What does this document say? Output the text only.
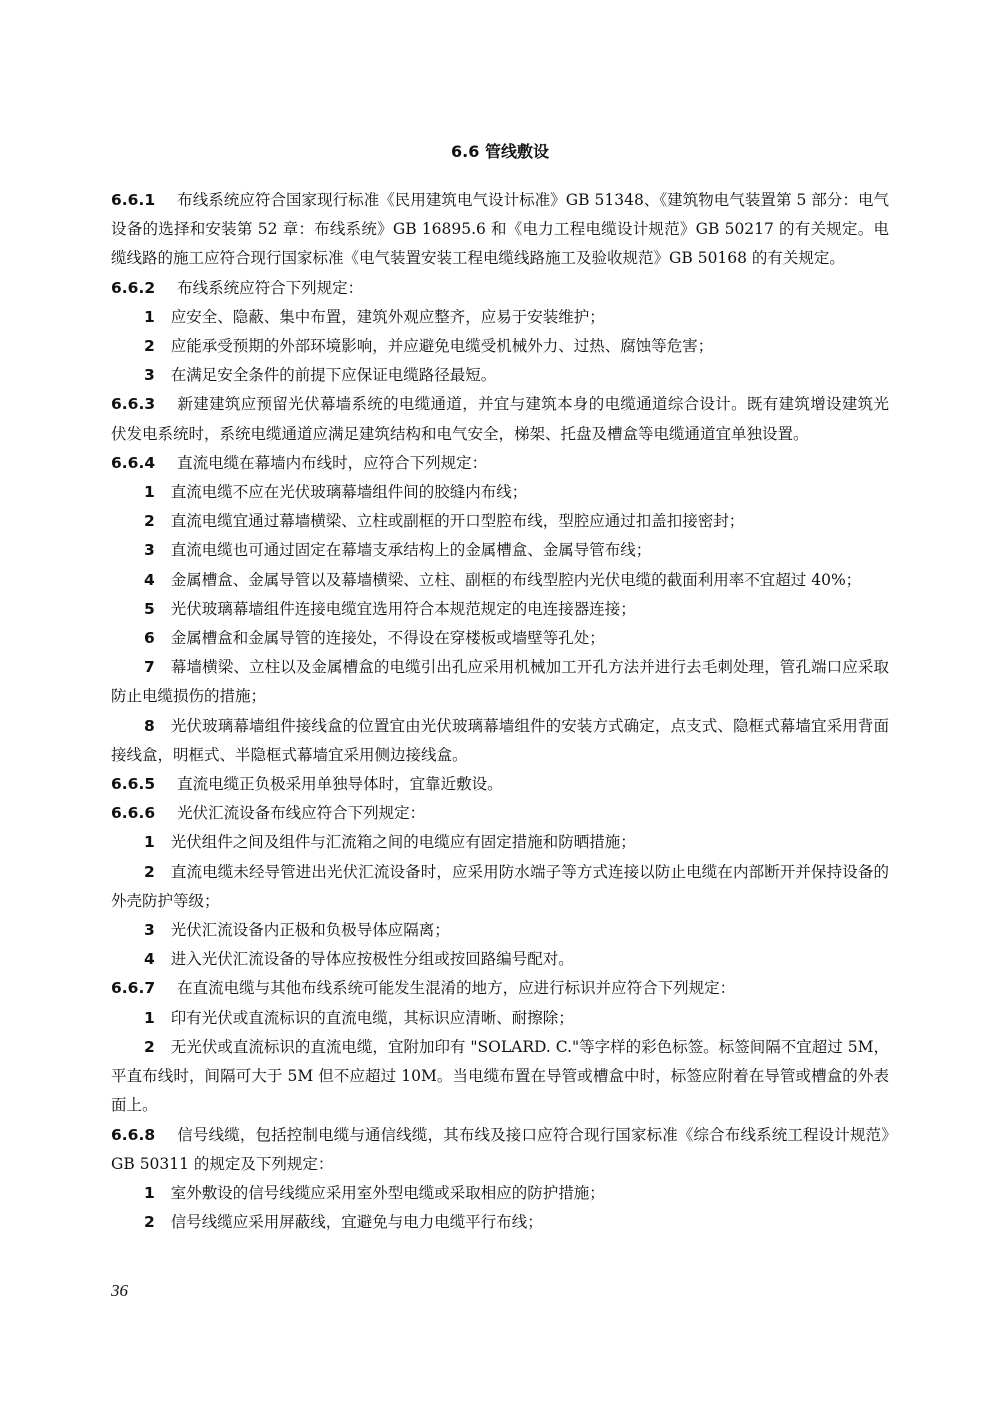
6.6 管线敷设

6.6.1 布线系统应符合国家现行标准《民用建筑电气设计标准》GB 51348、《建筑物电气装置第 5 部分：电气设备的选择和安装第 52 章：布线系统》GB 16895.6 和《电力工程电缆设计规范》GB 50217 的有关规定。电缆线路的施工应符合现行国家标准《电气装置安装工程电缆线路施工及验收规范》GB 50168 的有关规定。

6.6.2 布线系统应符合下列规定：

1 应安全、隐蔽、集中布置，建筑外观应整齐，应易于安装维护；

2 应能承受预期的外部环境影响，并应避免电缆受机械外力、过热、腐蚀等危害；

3 在满足安全条件的前提下应保证电缆路径最短。

6.6.3 新建建筑应预留光伏幕墙系统的电缆通道，并宜与建筑本身的电缆通道综合设计。既有建筑增设建筑光伏发电系统时，系统电缆通道应满足建筑结构和电气安全，梯架、托盘及槽盒等电缆通道宜单独设置。

6.6.4 直流电缆在幕墙内布线时，应符合下列规定：

1 直流电缆不应在光伏玻璃幕墙组件间的胶缝内布线；

2 直流电缆宜通过幕墙横梁、立柱或副框的开口型腔布线，型腔应通过扣盖扣接密封；

3 直流电缆也可通过固定在幕墙支承结构上的金属槽盒、金属导管布线；

4 金属槽盒、金属导管以及幕墙横梁、立柱、副框的布线型腔内光伏电缆的截面利用率不宜超过 40%；

5 光伏玻璃幕墙组件连接电缆宜选用符合本规范规定的电连接器连接；

6 金属槽盒和金属导管的连接处，不得设在穿楼板或墙壁等孔处；

7 幕墙横梁、立柱以及金属槽盒的电缆引出孔应采用机械加工开孔方法并进行去毛刺处理，管孔端口应采取防止电缆损伤的措施；

8 光伏玻璃幕墙组件接线盒的位置宜由光伏玻璃幕墙组件的安装方式确定，点支式、隐框式幕墙宜采用背面接线盒，明框式、半隐框式幕墙宜采用侧边接线盒。

6.6.5 直流电缆正负极采用单独导体时，宜靠近敷设。

6.6.6 光伏汇流设备布线应符合下列规定：

1 光伏组件之间及组件与汇流箱之间的电缆应有固定措施和防晒措施；

2 直流电缆未经导管进出光伏汇流设备时，应采用防水端子等方式连接以防止电缆在内部断开并保持设备的外壳防护等级；

3 光伏汇流设备内正极和负极导体应隔离；

4 进入光伏汇流设备的导体应按极性分组或按回路编号配对。

6.6.7 在直流电缆与其他布线系统可能发生混淆的地方，应进行标识并应符合下列规定：

1 印有光伏或直流标识的直流电缆，其标识应清晰、耐擦除；

2 无光伏或直流标识的直流电缆，宜附加印有 "SOLARD. C."等字样的彩色标签。标签间隔不宜超过 5M，平直布线时，间隔可大于 5M 但不应超过 10M。当电缆布置在导管或槽盒中时，标签应附着在导管或槽盒的外表面上。

6.6.8 信号线缆，包括控制电缆与通信线缆，其布线及接口应符合现行国家标准《综合布线系统工程设计规范》GB 50311 的规定及下列规定：

1 室外敷设的信号线缆应采用室外型电缆或采取相应的防护措施；

2 信号线缆应采用屏蔽线，宜避免与电力电缆平行布线；

36
